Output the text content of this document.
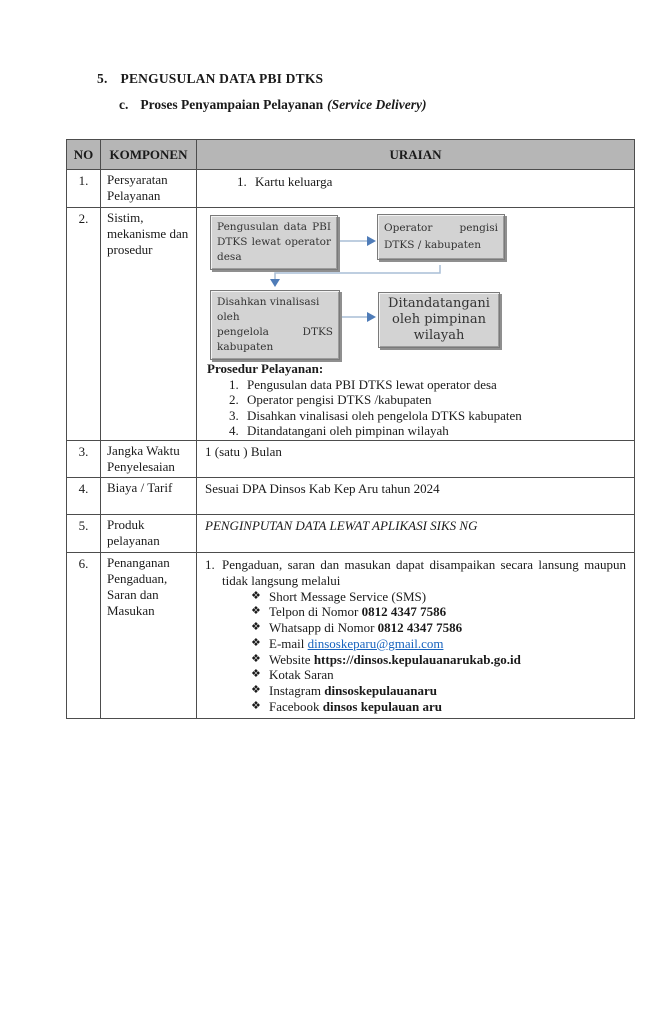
5. PENGUSULAN DATA PBI DTKS
c. Proses Penyampaian Pelayanan (Service Delivery)
NO	KOMPONEN	URAIAN
1.	Persyaratan Pelayanan	1. Kartu keluarga

2.	Sistim, mekanisme dan prosedur	
Pengusulan data PBI
DTKS lewat operator
desa
Operator pengisi
DTKS / kabupaten
Disahkan vinalisasi oleh
pengelola DTKS
kabupaten
Ditandatangani
oleh pimpinan
wilayah
Prosedur Pelayanan:
1. Pengusulan data PBI DTKS lewat operator desa
2. Operator pengisi DTKS /kabupaten
3. Disahkan vinalisasi oleh pengelola DTKS kabupaten
4. Ditandatangani oleh pimpinan wilayah

3.	Jangka Waktu Penyelesaian	1 (satu ) Bulan
4.	Biaya / Tarif	Sesuai DPA Dinsos Kab Kep Aru tahun 2024
5.	Produk pelayanan	PENGINPUTAN DATA LEWAT APLIKASI SIKS NG
6.	Penanganan Pengaduan, Saran dan Masukan	
1. Pengaduan, saran dan masukan dapat disampaikan secara lansung maupun tidak langsung melalui
❖ Short Message Service (SMS)
❖ Telpon di Nomor 0812 4347 7586
❖ Whatsapp di Nomor 0812 4347 7586
❖ E-mail dinsoskeparu@gmail.com
❖ Website https://dinsos.kepulauanarukab.go.id
❖ Kotak Saran
❖ Instagram dinsoskepulauanaru
❖ Facebook dinsos kepulauan aru
